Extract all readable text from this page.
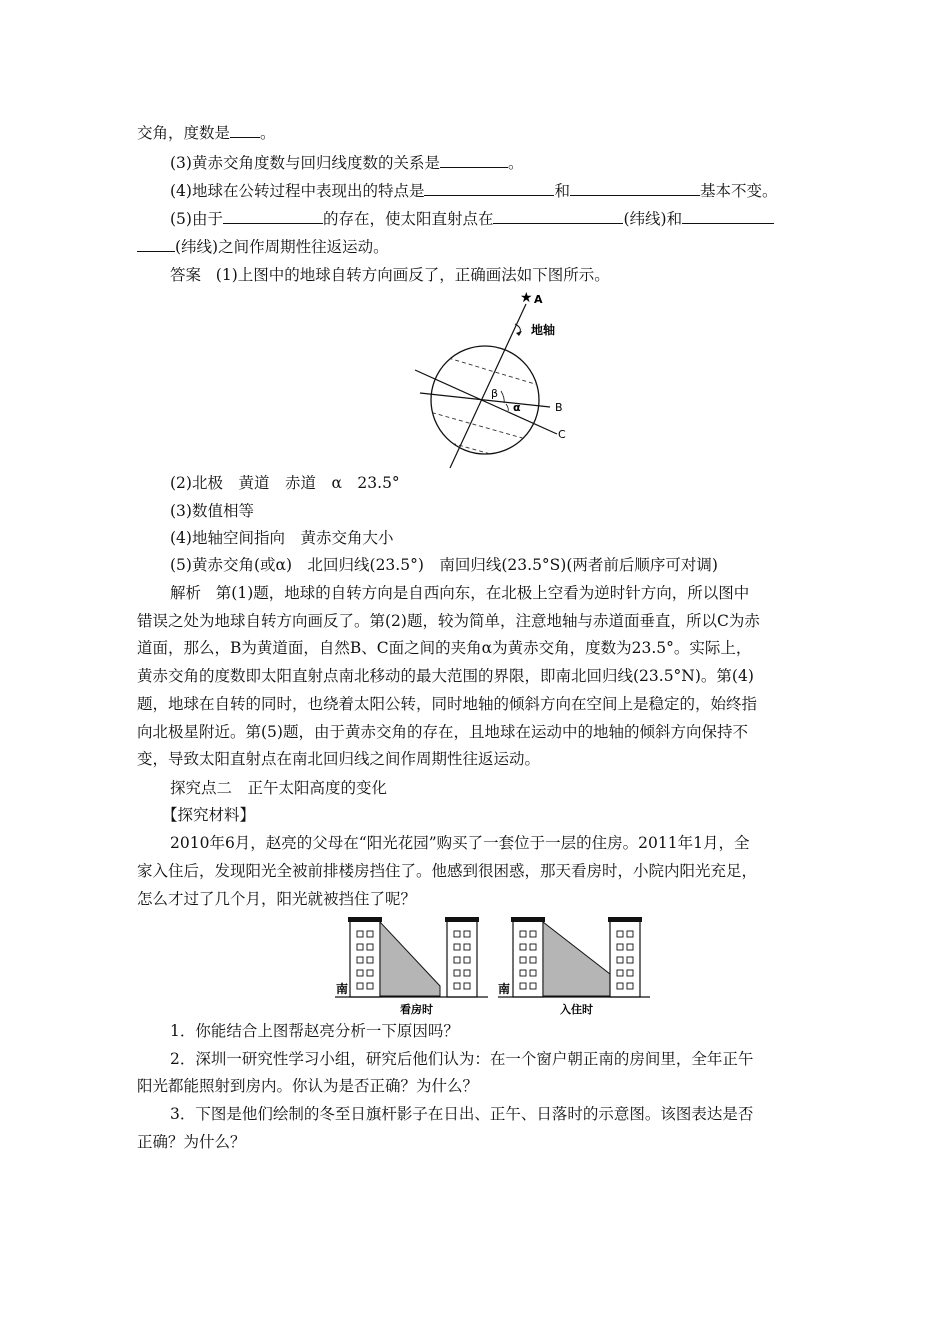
交角，度数是 。
(3)黄赤交角度数与回归线度数的关系是	。
(4)地球在公转过程中表现出的特点是	和	基本不变。
(5)由于	的存在，使太阳直射点在	(纬线)和
(纬线)之间作周期性往返运动。
答案 (1)上图中的地球自转方向画反了，正确画法如下图所示。
★ A
地轴
β
α	B
C
(2)北极　黄道　赤道　α　23.5°
(3)数值相等
(4)地轴空间指向　黄赤交角大小
(5)黄赤交角(或α)　北回归线(23.5°)　南回归线(23.5°S)(两者前后顺序可对调)
解析 第(1)题，地球的自转方向是自西向东，在北极上空看为逆时针方向，所以图中
错误之处为地球自转方向画反了。第(2)题，较为简单，注意地轴与赤道面垂直，所以C为赤
道面，那么，B为黄道面，自然B、C面之间的夹角α为黄赤交角，度数为23.5°。实际上，
黄赤交角的度数即太阳直射点南北移动的最大范围的界限，即南北回归线(23.5°N)。第(4)
题，地球在自转的同时，也绕着太阳公转，同时地轴的倾斜方向在空间上是稳定的，始终指
向北极星附近。第(5)题，由于黄赤交角的存在，且地球在运动中的地轴的倾斜方向保持不
变，导致太阳直射点在南北回归线之间作周期性往返运动。
探究点二　正午太阳高度的变化
【探究材料】
2010年6月，赵亮的父母在“阳光花园”购买了一套位于一层的住房。2011年1月，全
家入住后，发现阳光全被前排楼房挡住了。他感到很困惑，那天看房时，小院内阳光充足，
怎么才过了几个月，阳光就被挡住了呢？
南
看房时
南
入住时
1．你能结合上图帮赵亮分析一下原因吗？
2．深圳一研究性学习小组，研究后他们认为：在一个窗户朝正南的房间里，全年正午
阳光都能照射到房内。你认为是否正确？为什么？
3．下图是他们绘制的冬至日旗杆影子在日出、正午、日落时的示意图。该图表达是否
正确？为什么？
